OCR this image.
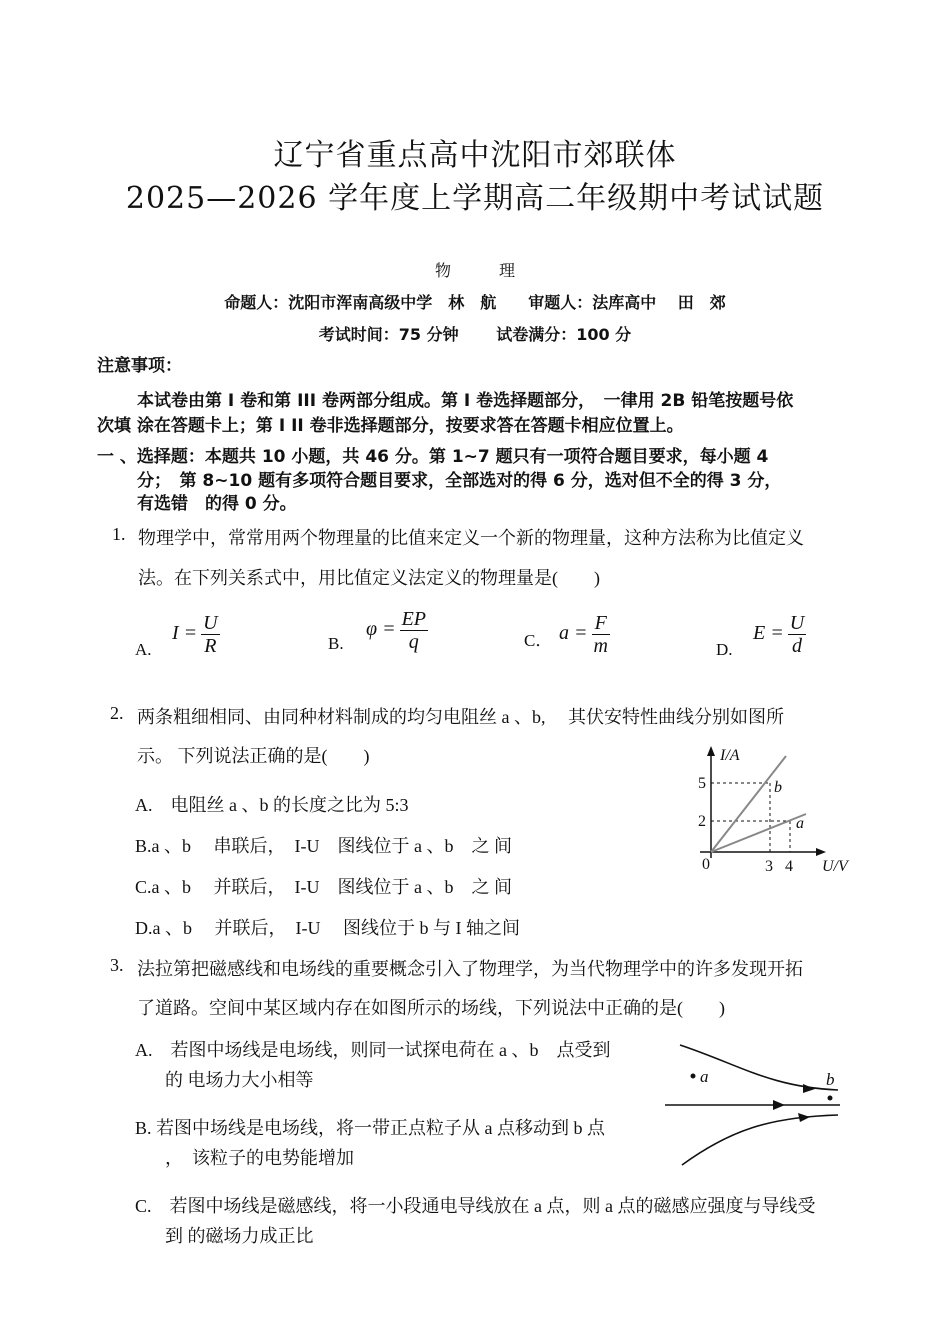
辽宁省重点高中沈阳市郊联体
2025—2026 学年度上学期高二年级期中考试试题
物　　　理
命题人：沈阳市浑南高级中学　林　航　　审题人：法库高中　 田　郊
考试时间：75 分钟　　 试卷满分：100 分
注意事项：
本试卷由第 I 卷和第 III 卷两部分组成。第 I 卷选择题部分，　一律用 2B 铅笔按题号依
次填 涂在答题卡上；第 I II 卷非选择题部分，按要求答在答题卡相应位置上。
一 、选择题：本题共 10 小题，共 46 分。第 1~7 题只有一项符合题目要求，每小题 4
分；　第 8~10 题有多项符合题目要求，全部选对的得 6 分，选对但不全的得 3 分，
有选错　的得 0 分。
1. 物理学中，常常用两个物理量的比值来定义一个新的物理量，这种方法称为比值定义
法。在下列关系式中，用比值定义法定义的物理量是(　　)
A.
$I = \frac{U}{R}$	B.
$\varphi = \frac{EP}{q}$	C． $a = \frac{F}{m}$	D.
$E = \frac{U}{d}$
2. 两条粗细相同、由同种材料制成的均匀电阻丝 a 、b,　 其伏安特性曲线分别如图所
示。 下列说法正确的是(　　)
A.　电阻丝 a 、b 的长度之比为 5:3
B.a 、b　 串联后，　I-U　图线位于 a 、b　之 间
C.a 、b　 并联后，　I-U　图线位于 a 、b　之 间
D.a 、b　 并联后，　I-U　 图线位于 b 与 I 轴之间
I/A
U/V
0
5
2
3 4
b
a
3. 法拉第把磁感线和电场线的重要概念引入了物理学，为当代物理学中的许多发现开拓
了道路。空间中某区域内存在如图所示的场线，下列说法中正确的是(　　)
A.　若图中场线是电场线，则同一试探电荷在 a 、b　点受到
的 电场力大小相等
B. 若图中场线是电场线，将一带正点粒子从 a 点移动到 b 点
，　该粒子的电势能增加
C.　若图中场线是磁感线，将一小段通电导线放在 a 点，则 a 点的磁感应强度与导线受
到 的磁场力成正比
a	b
